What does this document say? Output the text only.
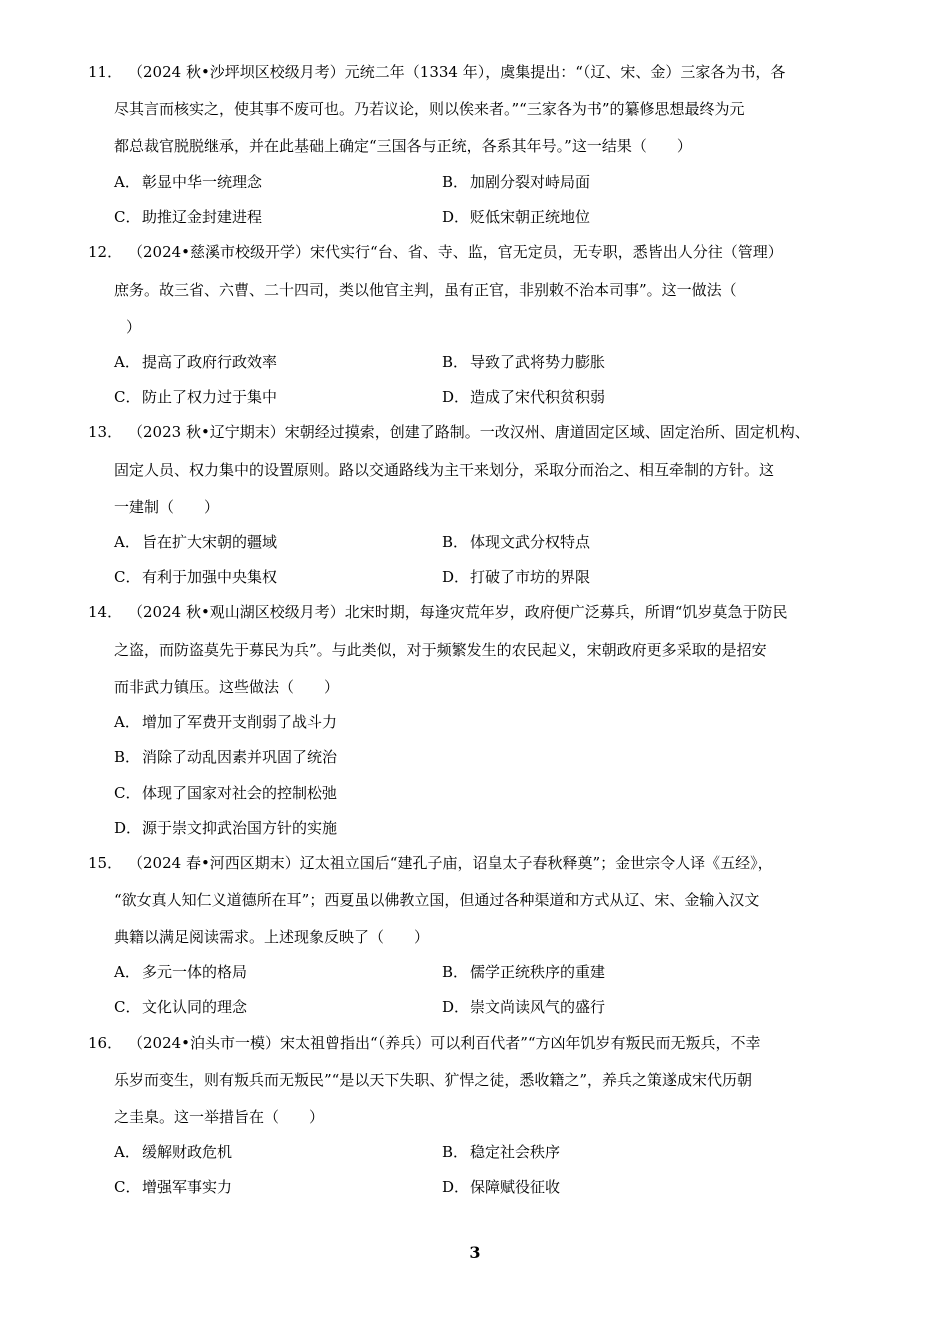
11． （2024 秋•沙坪坝区校级月考）元统二年（1334 年），虞集提出：“（辽、宋、金）三家各为书，各
尽其言而核实之，使其事不废可也。乃若议论，则以俟来者。”“三家各为书”的纂修思想最终为元
都总裁官脱脱继承，并在此基础上确定“三国各与正统，各系其年号。”这一结果（　　）
A． 彰显中华一统理念	B． 加剧分裂对峙局面
C． 助推辽金封建进程	D．贬低宋朝正统地位
12． （2024•慈溪市校级开学）宋代实行“台、省、寺、监，官无定员，无专职，悉皆出人分往（管理）
庶务。故三省、六曹、二十四司，类以他官主判，虽有正官，非别敕不治本司事”。这一做法（
）
A． 提高了政府行政效率	B． 导致了武将势力膨胀
C． 防止了权力过于集中	D．造成了宋代积贫积弱
13． （2023 秋•辽宁期末）宋朝经过摸索，创建了路制。一改汉州、唐道固定区域、固定治所、固定机构、
固定人员、权力集中的设置原则。路以交通路线为主干来划分，采取分而治之、相互牵制的方针。这
一建制（　　）
A． 旨在扩大宋朝的疆域	B． 体现文武分权特点
C． 有利于加强中央集权	D．打破了市坊的界限
14． （2024 秋•观山湖区校级月考）北宋时期，每逢灾荒年岁，政府便广泛募兵，所谓“饥岁莫急于防民
之盗，而防盗莫先于募民为兵”。与此类似，对于频繁发生的农民起义，宋朝政府更多采取的是招安
而非武力镇压。这些做法（　　）
A． 增加了军费开支削弱了战斗力
B． 消除了动乱因素并巩固了统治
C． 体现了国家对社会的控制松弛
D．源于崇文抑武治国方针的实施
15． （2024 春•河西区期末）辽太祖立国后“建孔子庙，诏皇太子春秋释奠”；金世宗令人译《五经》，
“欲女真人知仁义道德所在耳”；西夏虽以佛教立国，但通过各种渠道和方式从辽、宋、金输入汉文
典籍以满足阅读需求。上述现象反映了（　　）
A． 多元一体的格局	B． 儒学正统秩序的重建
C． 文化认同的理念	D．崇文尚读风气的盛行
16． （2024•泊头市一模）宋太祖曾指出“（养兵）可以利百代者”“方凶年饥岁有叛民而无叛兵，不幸
乐岁而变生，则有叛兵而无叛民”“是以天下失职、犷悍之徒，悉收籍之”，养兵之策遂成宋代历朝
之圭臬。这一举措旨在（　　）
A． 缓解财政危机	B． 稳定社会秩序
C． 增强军事实力	D．保障赋役征收
3
